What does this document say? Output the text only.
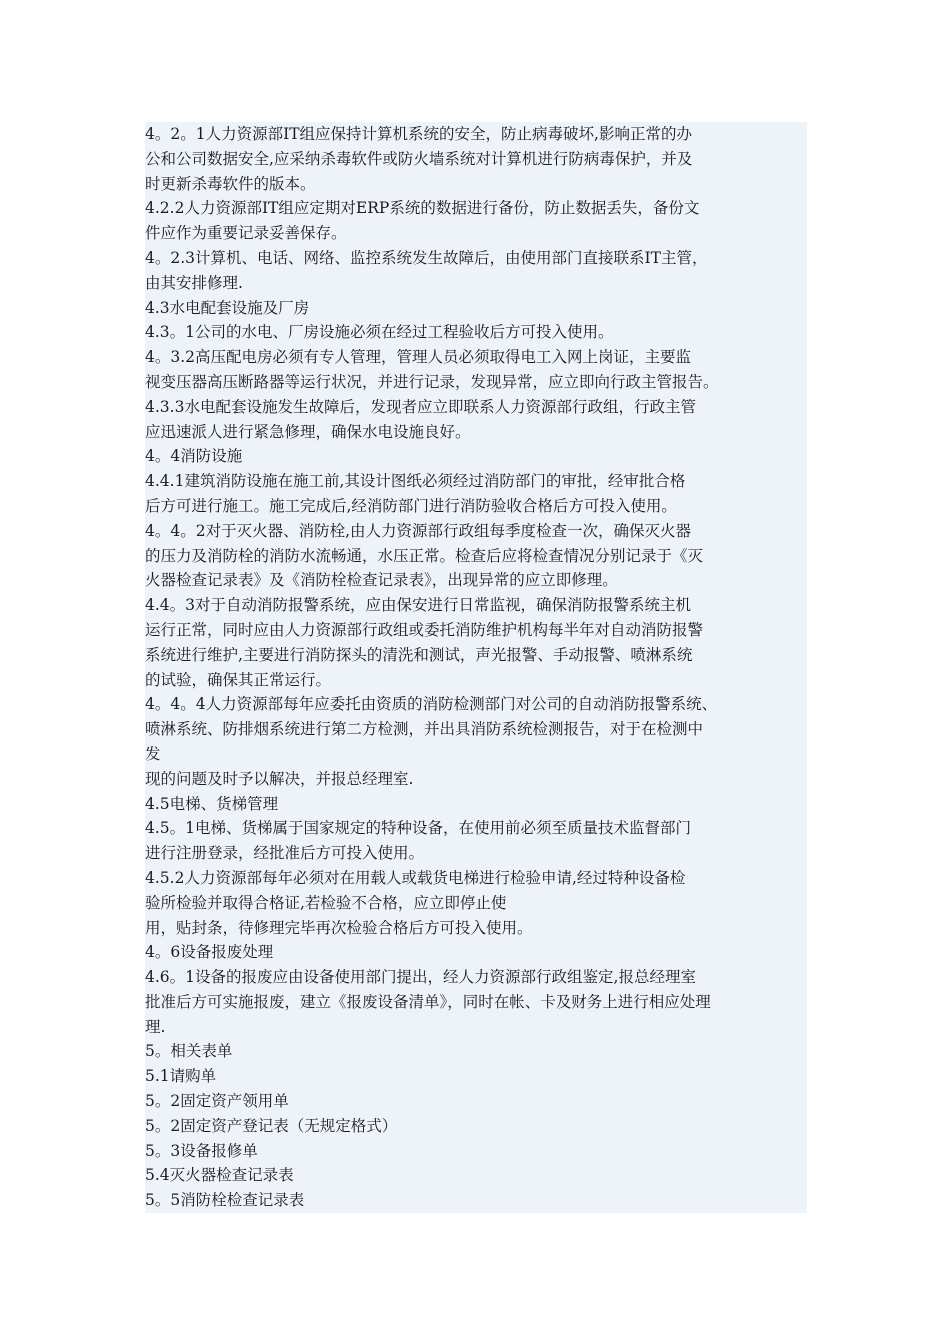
4。2。1人力资源部IT组应保持计算机系统的安全，防止病毒破坏,影响正常的办
公和公司数据安全,应采纳杀毒软件或防火墙系统对计算机进行防病毒保护，并及
时更新杀毒软件的版本。
4.2.2人力资源部IT组应定期对ERP系统的数据进行备份，防止数据丢失，备份文
件应作为重要记录妥善保存。
4。2.3计算机、电话、网络、监控系统发生故障后，由使用部门直接联系IT主管，
由其安排修理.
4.3水电配套设施及厂房
4.3。1公司的水电、厂房设施必须在经过工程验收后方可投入使用。
4。3.2高压配电房必须有专人管理，管理人员必须取得电工入网上岗证，主要监
视变压器高压断路器等运行状况，并进行记录，发现异常，应立即向行政主管报告。
4.3.3水电配套设施发生故障后，发现者应立即联系人力资源部行政组，行政主管
应迅速派人进行紧急修理，确保水电设施良好。
4。4消防设施
4.4.1建筑消防设施在施工前,其设计图纸必须经过消防部门的审批，经审批合格
后方可进行施工。施工完成后,经消防部门进行消防验收合格后方可投入使用。
4。4。2对于灭火器、消防栓,由人力资源部行政组每季度检查一次，确保灭火器
的压力及消防栓的消防水流畅通，水压正常。检查后应将检查情况分别记录于《灭
火器检查记录表》及《消防栓检查记录表》，出现异常的应立即修理。
4.4。3对于自动消防报警系统，应由保安进行日常监视，确保消防报警系统主机
运行正常，同时应由人力资源部行政组或委托消防维护机构每半年对自动消防报警
系统进行维护,主要进行消防探头的清洗和测试，声光报警、手动报警、喷淋系统
的试验，确保其正常运行。
4。4。4人力资源部每年应委托由资质的消防检测部门对公司的自动消防报警系统、
喷淋系统、防排烟系统进行第二方检测，并出具消防系统检测报告，对于在检测中
发
现的问题及时予以解决，并报总经理室.
4.5电梯、货梯管理
4.5。1电梯、货梯属于国家规定的特种设备，在使用前必须至质量技术监督部门
进行注册登录，经批准后方可投入使用。
4.5.2人力资源部每年必须对在用载人或载货电梯进行检验申请,经过特种设备检
验所检验并取得合格证,若检验不合格，应立即停止使
用，贴封条，待修理完毕再次检验合格后方可投入使用。
4。6设备报废处理
4.6。1设备的报废应由设备使用部门提出，经人力资源部行政组鉴定,报总经理室
批准后方可实施报废，建立《报废设备清单》，同时在帐、卡及财务上进行相应处理
理.
5。相关表单
5.1请购单
5。2固定资产领用单
5。2固定资产登记表（无规定格式）
5。3设备报修单
5.4灭火器检查记录表
5。5消防栓检查记录表
